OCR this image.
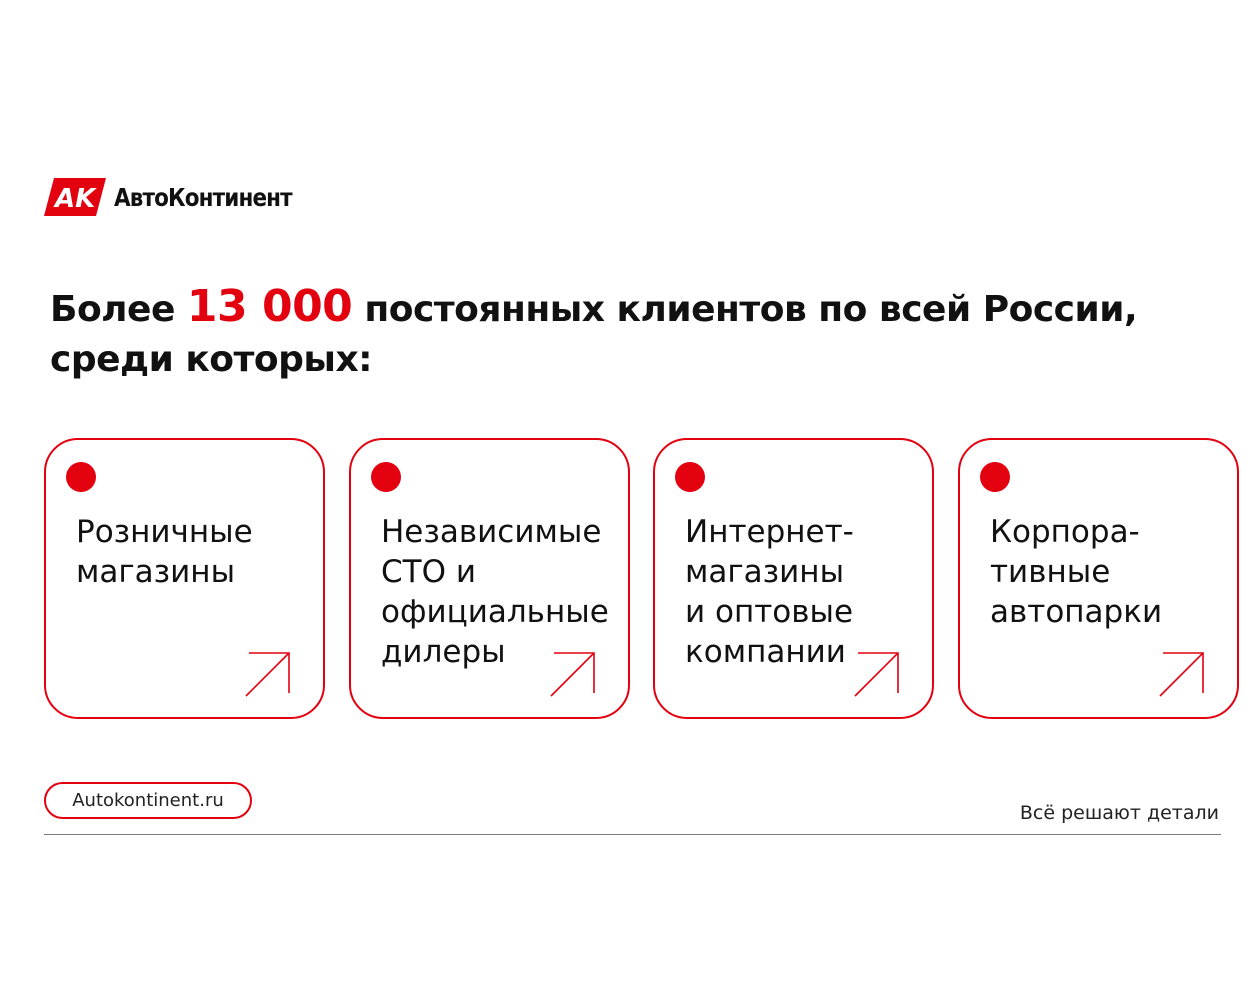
AK АвтоКонтинент
Более 13 000 постоянных клиентов по всей России,
среди которых:
Розничные
магазины
Независимые
СТО и
официальные
дилеры
Интернет-
магазины
и оптовые
компании
Корпора-
тивные
автопарки
Autokontinent.ru
Всё решают детали
